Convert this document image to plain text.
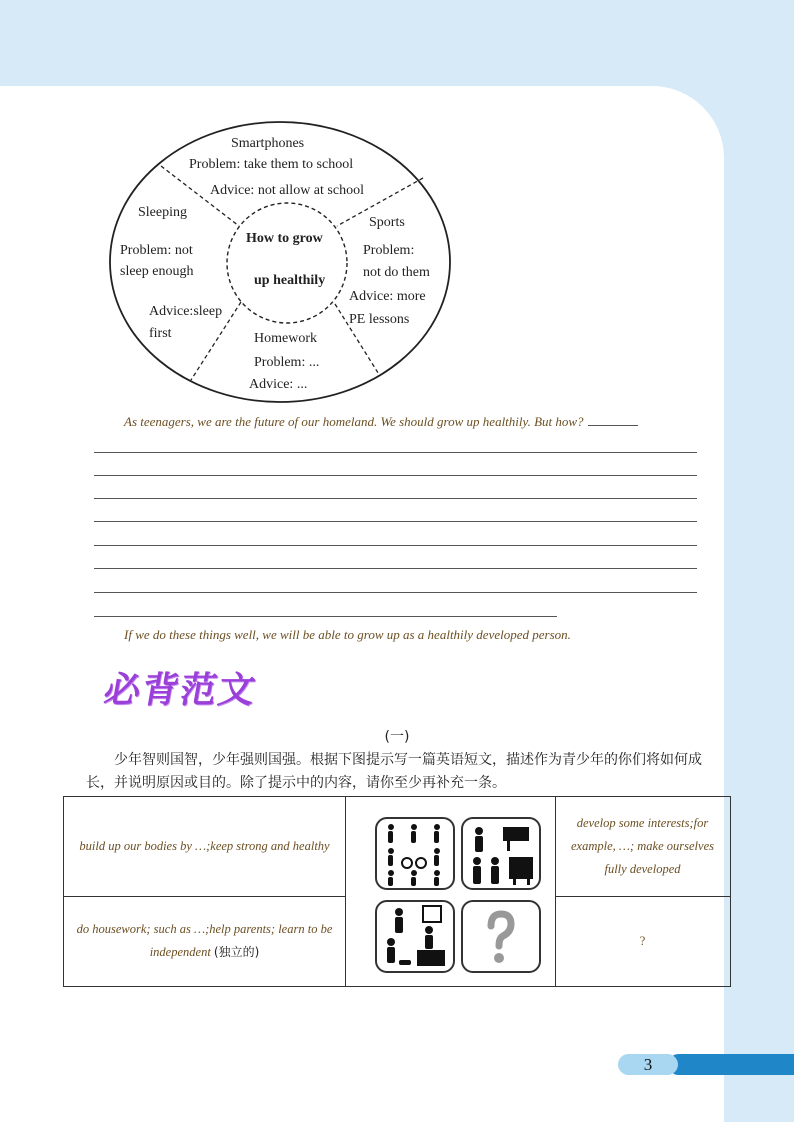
Smartphones
Problem: take them to school
Advice: not allow at school
Sleeping
Problem: not
sleep enough
Advice:sleep
first
How to grow
up healthily
Sports
Problem:
not do them
Advice: more
PE lessons
Homework
Problem: ...
Advice: ...
As teenagers, we are the future of our homeland. We should grow up healthily. But how?
If we do these things well, we will be able to grow up as a healthily developed person.
必背范文
(一)
少年智则国智，少年强则国强。根据下图提示写一篇英语短文，描述作为青少年的你们将如何成长，并说明原因或目的。除了提示中的内容，请你至少再补充一条。
build up our bodies by …;keep strong and healthy
develop some interests;for example, …; make ourselves fully developed
do housework; such as …;help parents; learn to be independent (独立的)
?
3
